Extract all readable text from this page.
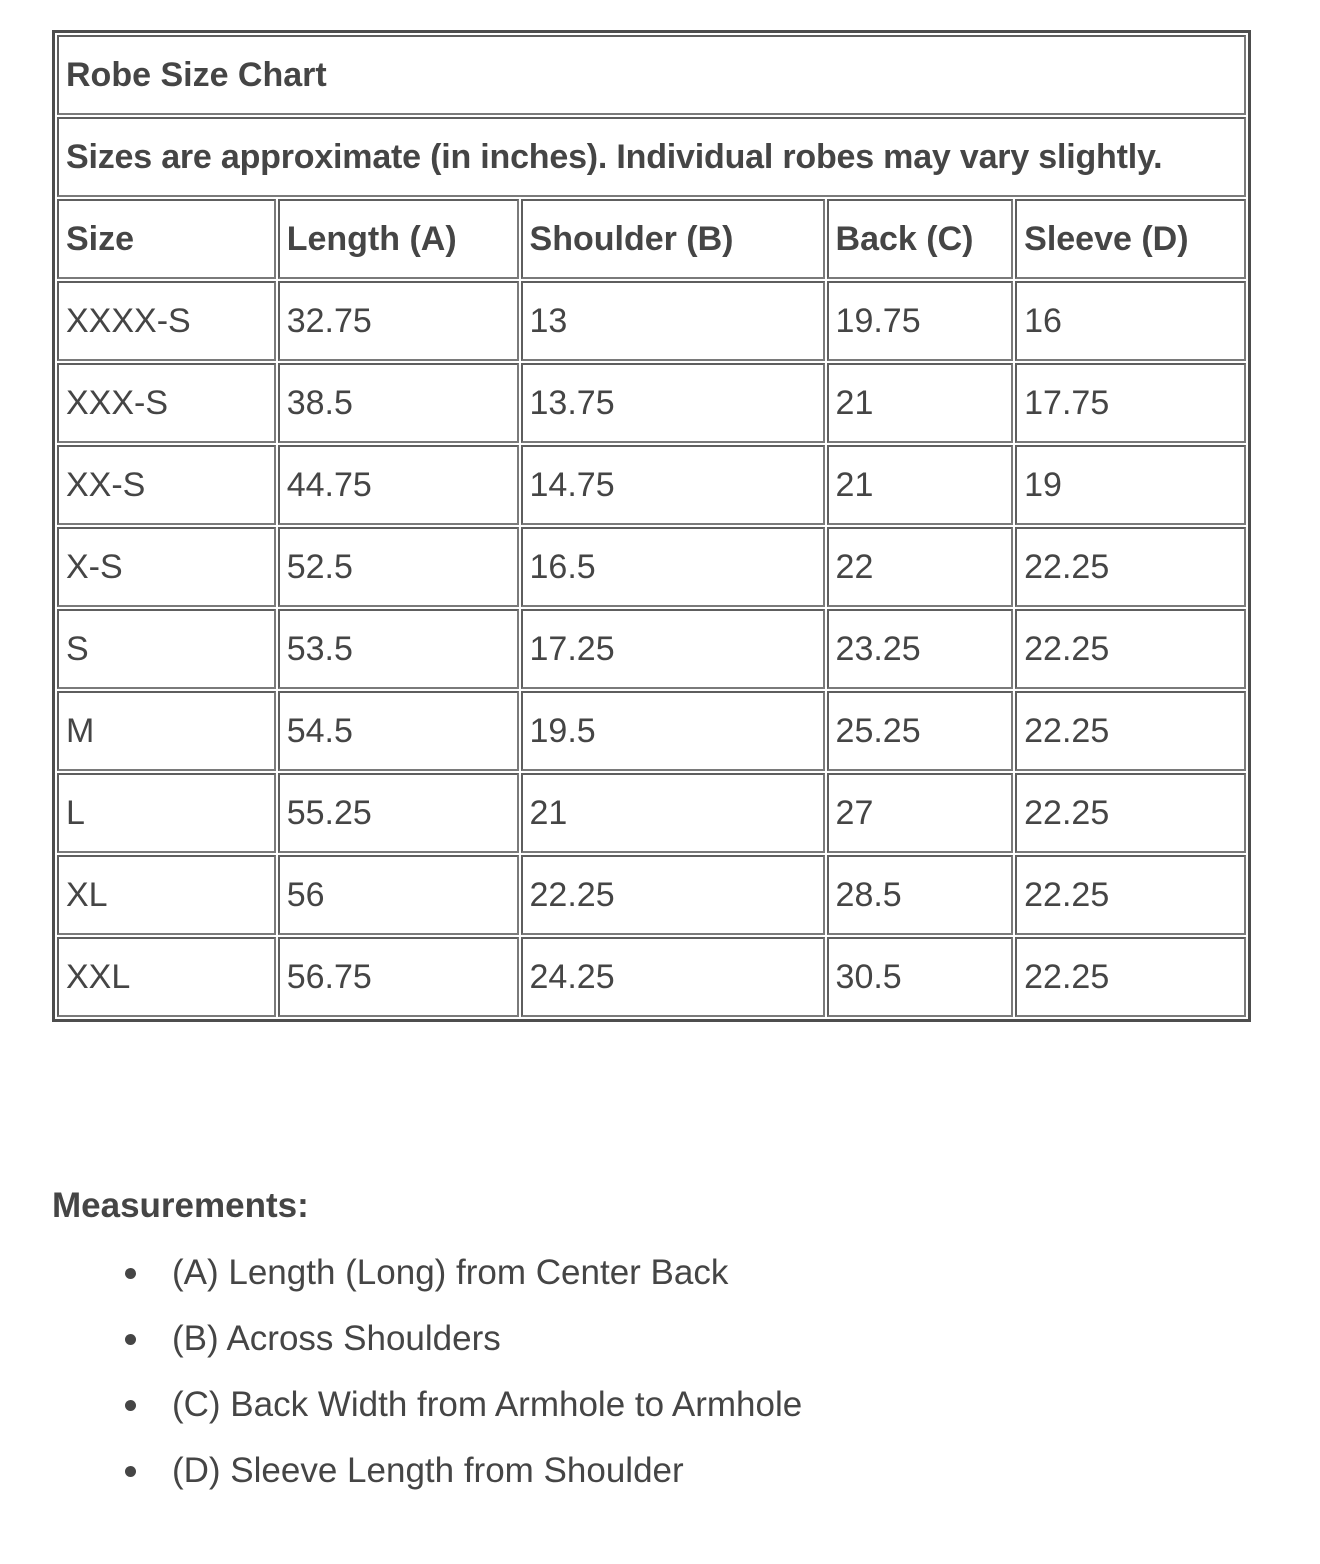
Robe Size Chart				
Sizes are approximate (in inches). Individual robes may vary slightly.				
Size	Length (A)	Shoulder (B)	Back (C)	Sleeve (D)
XXXX-S	32.75	13	19.75	16
XXX-S	38.5	13.75	21	17.75
XX-S	44.75	14.75	21	19
X-S	52.5	16.5	22	22.25
S	53.5	17.25	23.25	22.25
M	54.5	19.5	25.25	22.25
L	55.25	21	27	22.25
XL	56	22.25	28.5	22.25
XXL	56.75	24.25	30.5	22.25
Measurements:
(A) Length (Long) from Center Back
(B) Across Shoulders
(C) Back Width from Armhole to Armhole
(D) Sleeve Length from Shoulder
